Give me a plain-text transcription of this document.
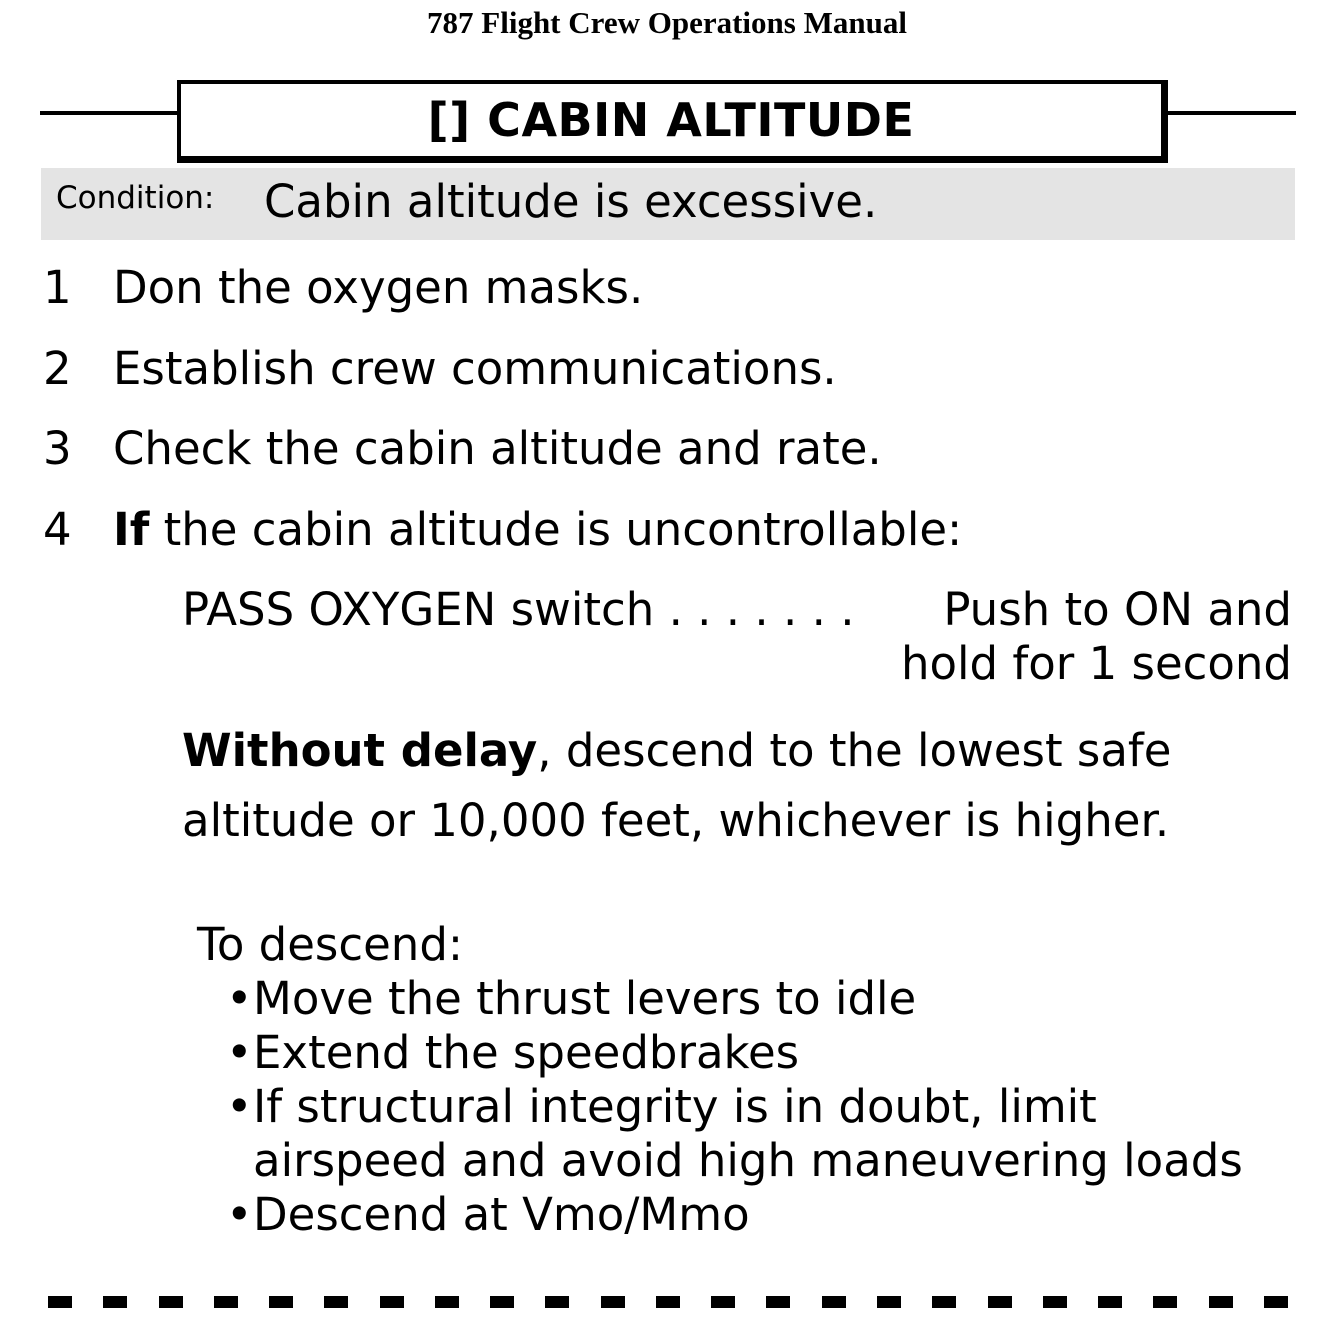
787 Flight Crew Operations Manual
[] CABIN ALTITUDE
Condition: Cabin altitude is excessive.
1 Don the oxygen masks.
2 Establish crew communications.
3 Check the cabin altitude and rate.
4 If the cabin altitude is uncontrollable:
PASS OXYGEN switch . . . . . . . Push to ON and
hold for 1 second
Without delay, descend to the lowest safe
altitude or 10,000 feet, whichever is higher.
To descend:
• Move the thrust levers to idle
• Extend the speedbrakes
• If structural integrity is in doubt, limit
airspeed and avoid high maneuvering loads
• Descend at Vmo/Mmo
